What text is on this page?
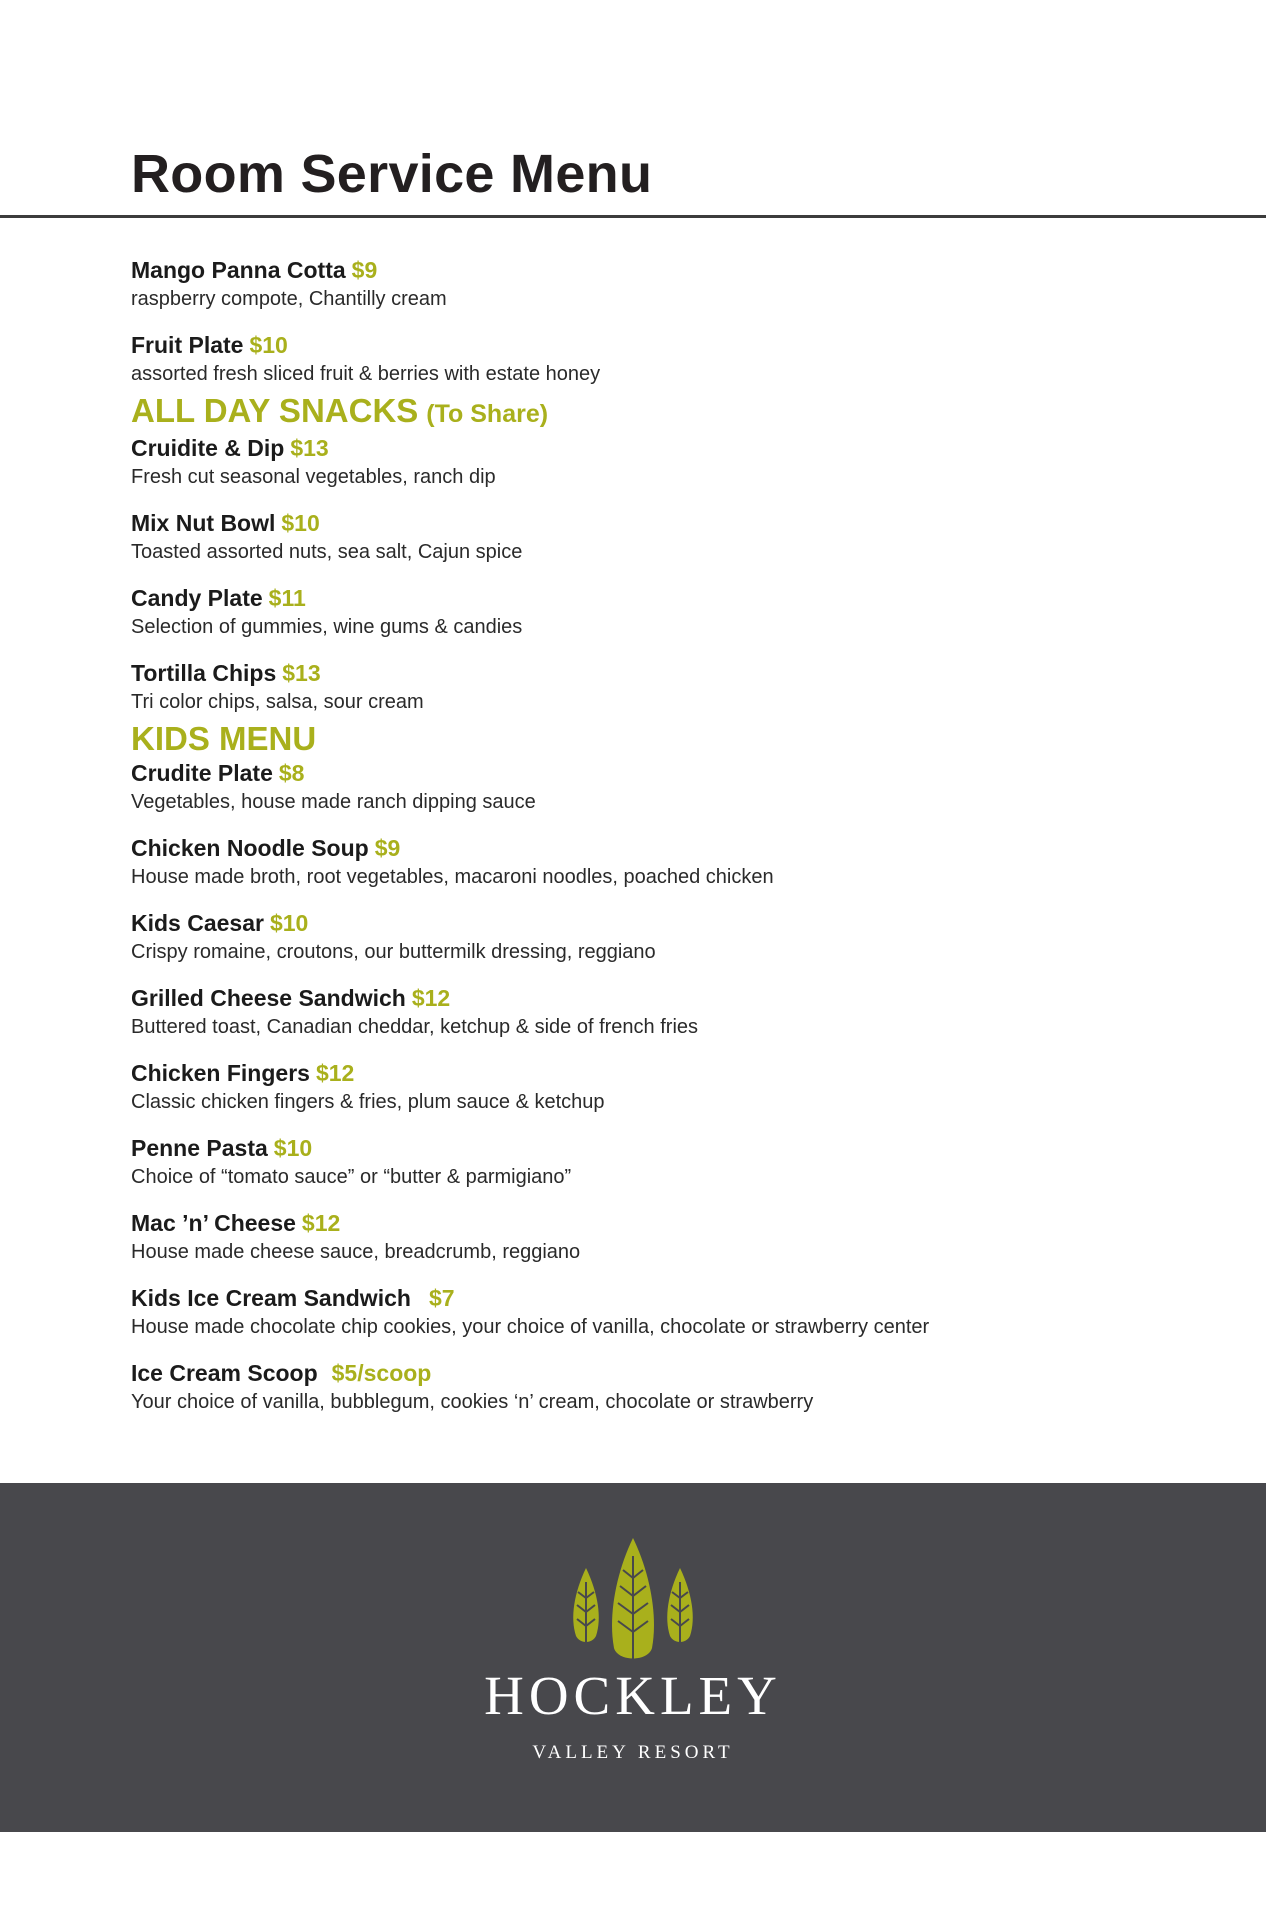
Room Service Menu
Mango Panna Cotta $9
raspberry compote, Chantilly cream
Fruit Plate $10
assorted fresh sliced fruit & berries with estate honey
ALL DAY SNACKS (To Share)
Cruidite & Dip $13
Fresh cut seasonal vegetables, ranch dip
Mix Nut Bowl $10
Toasted assorted nuts, sea salt, Cajun spice
Candy Plate $11
Selection of gummies, wine gums & candies
Tortilla Chips $13
Tri color chips, salsa, sour cream
KIDS MENU
Crudite Plate $8
Vegetables, house made ranch dipping sauce
Chicken Noodle Soup $9
House made broth, root vegetables, macaroni noodles, poached chicken
Kids Caesar $10
Crispy romaine, croutons, our buttermilk dressing, reggiano
Grilled Cheese Sandwich $12
Buttered toast, Canadian cheddar, ketchup & side of french fries
Chicken Fingers $12
Classic chicken fingers & fries, plum sauce & ketchup
Penne Pasta $10
Choice of “tomato sauce” or “butter & parmigiano”
Mac ’n’ Cheese $12
House made cheese sauce, breadcrumb, reggiano
Kids Ice Cream Sandwich $7
House made chocolate chip cookies, your choice of vanilla, chocolate or strawberry center
Ice Cream Scoop $5/scoop
Your choice of vanilla, bubblegum, cookies ‘n’ cream, chocolate or strawberry
HOCKLEY
VALLEY RESORT
